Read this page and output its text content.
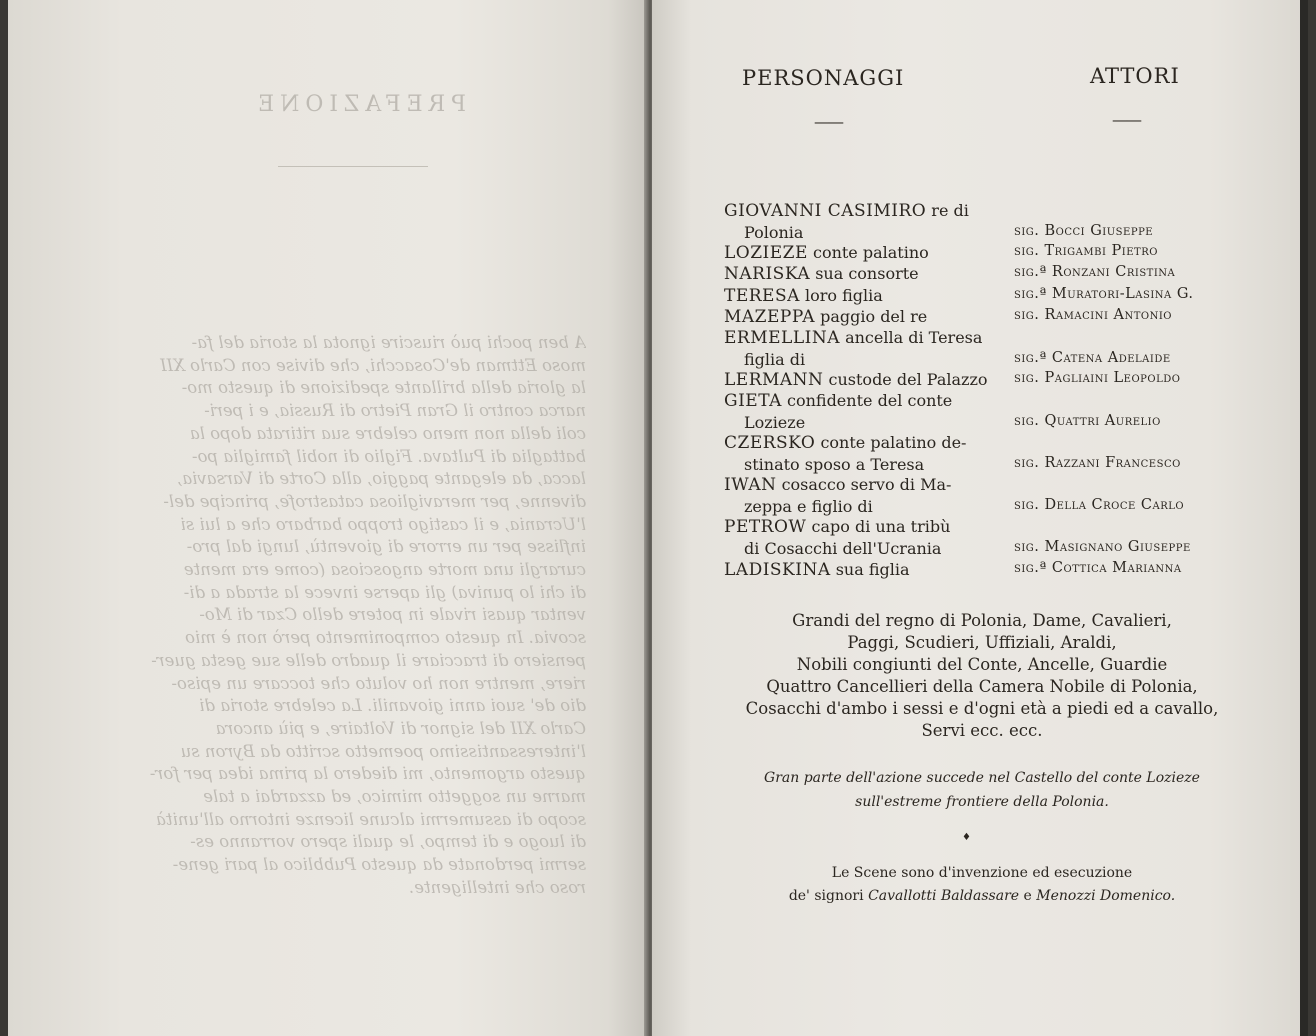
PREFAZIONE
A ben pochi può riuscire ignota la storia del fa-
moso Ettman de'Cosacchi, che divise con Carlo XII
la gloria della brillante spedizione di questo mo-
narca contro il Gran Pietro di Russia, e i peri-
coli della non meno celebre sua ritirata dopo la
battaglia di Pultava. Figlio di nobil famiglia po-
lacca, da elegante paggio, alla Corte di Varsavia,
divenne, per meravigliosa catastrofe, principe del-
l'Ucrania, e il castigo troppo barbaro che a lui si
inflisse per un errore di gioventù, lungi dal pro-
curargli una morte angosciosa (come era mente
di chi lo puniva) gli aperse invece la strada a di-
ventar quasi rivale in potere dello Czar di Mo-
scovia. In questo componimento però non è mio
pensiero di tracciare il quadro delle sue gesta guer-
riere, mentre non ho voluto che toccare un episo-
dio de' suoi anni giovanili. La celebre storia di
Carlo XII del signor di Voltaire, e più ancora
l'interessantissimo poemetto scritto da Byron su
questo argomento, mi diedero la prima idea per for-
marne un soggetto mimico, ed azzardai a tale
scopo di assumermi alcune licenze intorno all'unità
di luogo e di tempo, le quali spero vorranno es-
sermi perdonate da questo Pubblico al pari gene-
roso che intelligente.
PERSONAGGI	ATTORI
——	——
GIOVANNI CASIMIRO re di
Polonia	sig. Bocci Giuseppe
LOZIEZE conte palatino	sig. Trigambi Pietro
NARISKA sua consorte	sig.ª Ronzani Cristina
TERESA loro figlia	sig.ª Muratori-Lasina G.
MAZEPPA paggio del re	sig. Ramacini Antonio
ERMELLINA ancella di Teresa
figlia di	sig.ª Catena Adelaide
LERMANN custode del Palazzo sig. Pagliaini Leopoldo
GIETA confidente del conte
Lozieze	sig. Quattri Aurelio
CZERSKO conte palatino de-
stinato sposo a Teresa	sig. Razzani Francesco
IWAN cosacco servo di Ma-
zeppa e figlio di	sig. Della Croce Carlo
PETROW capo di una tribù
di Cosacchi dell'Ucrania	sig. Masignano Giuseppe
LADISKINA sua figlia	sig.ª Cottica Marianna
Grandi del regno di Polonia, Dame, Cavalieri,
Paggi, Scudieri, Uffiziali, Araldi,
Nobili congiunti del Conte, Ancelle, Guardie
Quattro Cancellieri della Camera Nobile di Polonia,
Cosacchi d'ambo i sessi e d'ogni età a piedi ed a cavallo,
Servi ecc. ecc.
Gran parte dell'azione succede nel Castello del conte Lozieze
sull'estreme frontiere della Polonia.
♦
Le Scene sono d'invenzione ed esecuzione
de' signori Cavallotti Baldassare e Menozzi Domenico.
